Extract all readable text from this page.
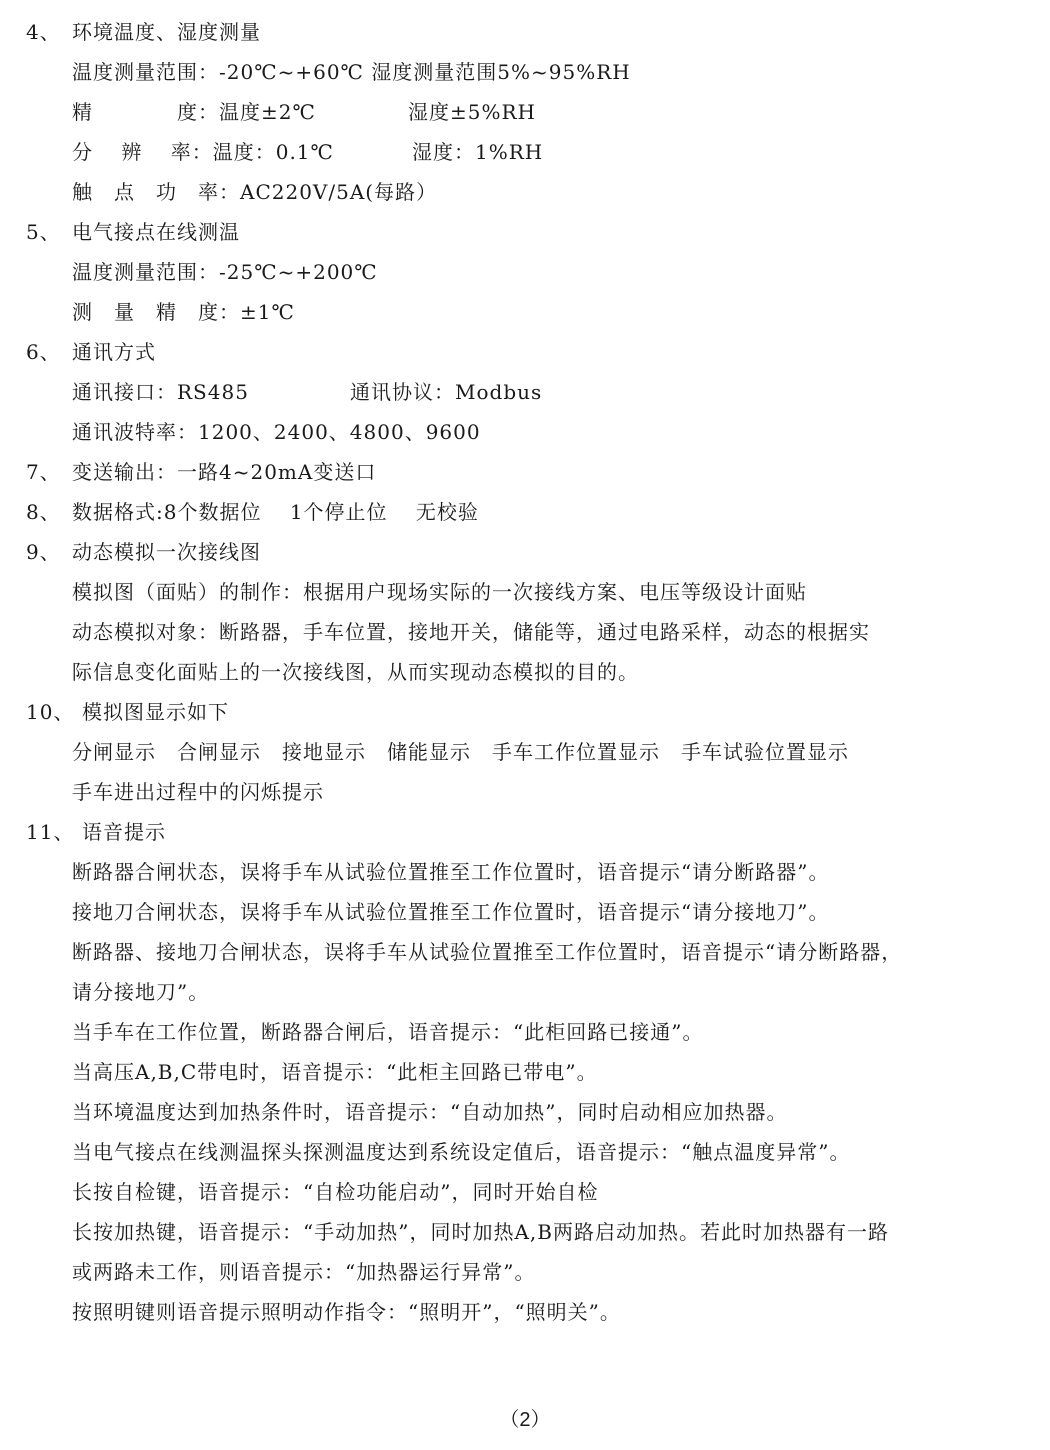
4、 环境温度、湿度测量
温度测量范围：-20℃~+60℃ 湿度测量范围5%~95%RH
精　　　　度：温度±2℃	湿度±5%RH
分　 辨　 率：温度：0.1℃	湿度：1%RH
触　点　功　率：AC220V/5A(每路）
5、 电气接点在线测温
温度测量范围：-25℃~+200℃
测　量　精　度：±1℃
6、 通讯方式
通讯接口：RS485	通讯协议：Modbus
通讯波特率：1200、2400、4800、9600
7、 变送输出：一路4~20mA变送口
8、 数据格式:8个数据位　 1个停止位　 无校验
9、 动态模拟一次接线图
模拟图（面贴）的制作：根据用户现场实际的一次接线方案、电压等级设计面贴
动态模拟对象：断路器，手车位置，接地开关，储能等，通过电路采样，动态的根据实
际信息变化面贴上的一次接线图，从而实现动态模拟的目的。
10、 模拟图显示如下
分闸显示　合闸显示　接地显示　储能显示　手车工作位置显示　手车试验位置显示
手车进出过程中的闪烁提示
11、 语音提示
断路器合闸状态，误将手车从试验位置推至工作位置时，语音提示“请分断路器”。
接地刀合闸状态，误将手车从试验位置推至工作位置时，语音提示“请分接地刀”。
断路器、接地刀合闸状态，误将手车从试验位置推至工作位置时，语音提示“请分断路器，
请分接地刀”。
当手车在工作位置，断路器合闸后，语音提示：“此柜回路已接通”。
当高压A,B,C带电时，语音提示：“此柜主回路已带电”。
当环境温度达到加热条件时，语音提示：“自动加热”，同时启动相应加热器。
当电气接点在线测温探头探测温度达到系统设定值后，语音提示：“触点温度异常”。
长按自检键，语音提示：“自检功能启动”，同时开始自检
长按加热键，语音提示：“手动加热”，同时加热A,B两路启动加热。若此时加热器有一路
或两路未工作，则语音提示：“加热器运行异常”。
按照明键则语音提示照明动作指令：“照明开”，“照明关”。
（2）
